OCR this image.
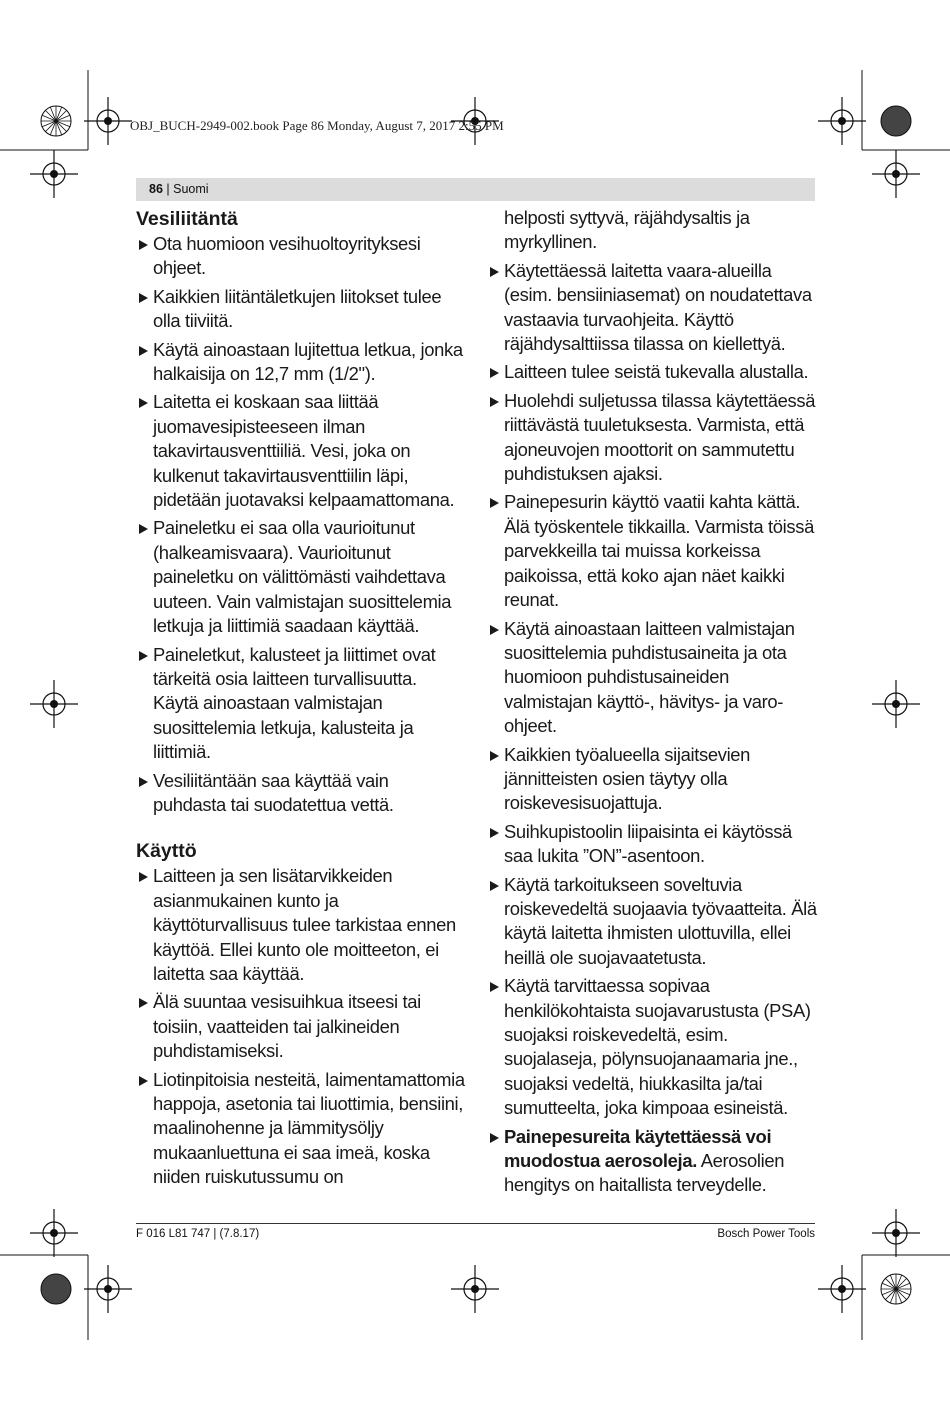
OBJ_BUCH-2949-002.book Page 86 Monday, August 7, 2017 2:55 PM
86 | Suomi
Vesiliitäntä
Ota huomioon vesihuoltoyrityksesi ohjeet.
Kaikkien liitäntäletkujen liitokset tulee olla tiiviitä.
Käytä ainoastaan lujitettua letkua, jonka halkaisija on 12,7 mm (1/2").
Laitetta ei koskaan saa liittää juomavesipisteeseen ilman takavirtausventtiiliä. Vesi, joka on kulkenut takavirtausventtiilin läpi, pidetään juotavaksi kelpaamattomana.
Paineletku ei saa olla vaurioitunut (halkeamisvaara). Vaurioitunut paineletku on välittömästi vaihdettava uuteen. Vain valmistajan suosittelemia letkuja ja liittimiä saadaan käyttää.
Paineletkut, kalusteet ja liittimet ovat tärkeitä osia laitteen turvallisuutta. Käytä ainoastaan valmistajan suosittelemia letkuja, kalusteita ja liittimiä.
Vesiliitäntään saa käyttää vain puhdasta tai suodatettua vettä.
Käyttö
Laitteen ja sen lisätarvikkeiden asianmukainen kunto ja käyttöturvallisuus tulee tarkistaa ennen käyttöä. Ellei kunto ole moitteeton, ei laitetta saa käyttää.
Älä suuntaa vesisuihkua itseesi tai toisiin, vaatteiden tai jalkineiden puhdistamiseksi.
Liotinpitoisia nesteitä, laimentamattomia happoja, asetonia tai liuottimia, bensiini, maalinohenne ja lämmitysöljy mukaanluettuna ei saa imeä, koska niiden ruiskutussumu on
helposti syttyvä, räjähdysaltis ja myrkyllinen.
Käytettäessä laitetta vaara-alueilla (esim. bensiiniasemat) on noudatettava vastaavia turvaohjeita. Käyttö räjähdysalttiissa tilassa on kiellettyä.
Laitteen tulee seistä tukevalla alustalla.
Huolehdi suljetussa tilassa käytettäessä riittävästä tuuletuksesta. Varmista, että ajoneuvojen moottorit on sammutettu puhdistuksen ajaksi.
Painepesurin käyttö vaatii kahta kättä. Älä työskentele tikkailla. Varmista töissä parvekkeilla tai muissa korkeissa paikoissa, että koko ajan näet kaikki reunat.
Käytä ainoastaan laitteen valmistajan suosittelemia puhdistusaineita ja ota huomioon puhdistusaineiden valmistajan käyttö-, hävitys- ja varo-ohjeet.
Kaikkien työalueella sijaitsevien jännitteisten osien täytyy olla roiskevesisuojattuja.
Suihkupistoolin liipaisinta ei käytössä saa lukita ”ON”-asentoon.
Käytä tarkoitukseen soveltuvia roiskevedeltä suojaavia työvaatteita. Älä käytä laitetta ihmisten ulottuvilla, ellei heillä ole suojavaatetusta.
Käytä tarvittaessa sopivaa henkilökohtaista suojavarustusta (PSA) suojaksi roiskevedeltä, esim. suojalaseja, pölynsuojanaamaria jne., suojaksi vedeltä, hiukkasilta ja/tai sumutteelta, joka kimpoaa esineistä.
Painepesureita käytettäessä voi muodostua aerosoleja. Aerosolien hengitys on haitallista terveydelle.
F 016 L81 747 | (7.8.17)	Bosch Power Tools
